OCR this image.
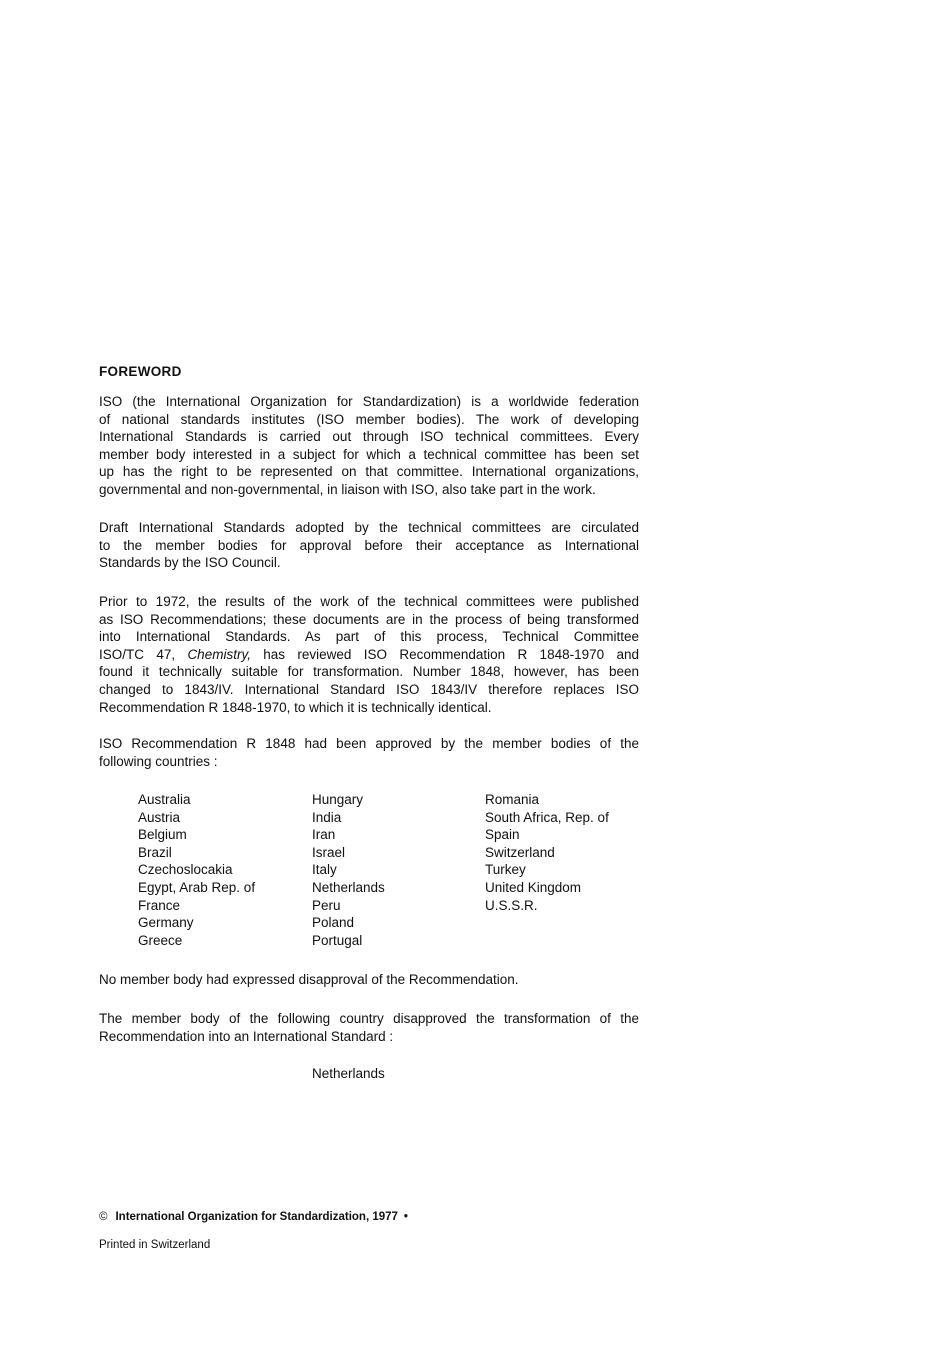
FOREWORD
ISO (the International Organization for Standardization) is a worldwide federation
of national standards institutes (ISO member bodies). The work of developing
International Standards is carried out through ISO technical committees. Every
member body interested in a subject for which a technical committee has been set
up has the right to be represented on that committee. International organizations,
governmental and non-governmental, in liaison with ISO, also take part in the work.
Draft International Standards adopted by the technical committees are circulated
to the member bodies for approval before their acceptance as International
Standards by the ISO Council.
Prior to 1972, the results of the work of the technical committees were published
as ISO Recommendations; these documents are in the process of being transformed
into International Standards. As part of this process, Technical Committee
ISO/TC 47, Chemistry, has reviewed ISO Recommendation R 1848-1970 and
found it technically suitable for transformation. Number 1848, however, has been
changed to 1843/IV. International Standard ISO 1843/IV therefore replaces ISO
Recommendation R 1848-1970, to which it is technically identical.
ISO Recommendation R 1848 had been approved by the member bodies of the
following countries :
Australia
Austria
Belgium
Brazil
Czechoslocakia
Egypt, Arab Rep. of
France
Germany
Greece
Hungary
India
Iran
Israel
Italy
Netherlands
Peru
Poland
Portugal
Romania
South Africa, Rep. of
Spain
Switzerland
Turkey
United Kingdom
U.S.S.R.
No member body had expressed disapproval of the Recommendation.
The member body of the following country disapproved the transformation of the
Recommendation into an International Standard :
Netherlands
© International Organization for Standardization, 1977 •
Printed in Switzerland
